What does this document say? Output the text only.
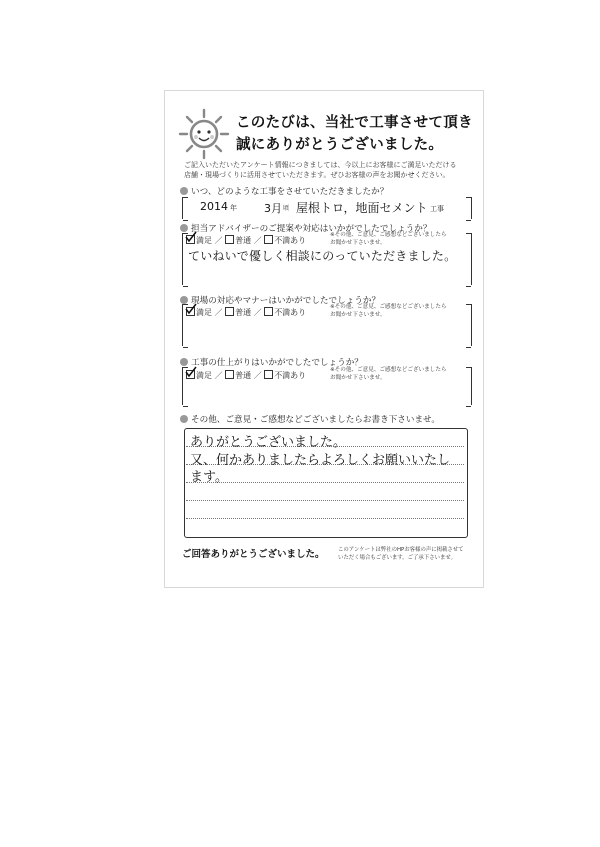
このたびは、当社で工事させて頂き
誠にありがとうございました。
ご記入いただいたアンケート情報につきましては、今以上にお客様にご満足いただける
店舗・現場づくりに活用させていただきます。ぜひお客様の声をお聞かせください。
いつ、どのような工事をさせていただきましたか？
2014 年 3月 頃 屋根トロ，地面セメント 工事
担当アドバイザーのご提案や対応はいかがでしたでしょうか？
満足 ／ 普通 ／ 不満あり
※その他、ご意見、ご感想などございましたら
お聞かせ下さいませ。
ていねいで優しく相談にのっていただきました。
現場の対応やマナーはいかがでしたでしょうか？
満足 ／ 普通 ／ 不満あり
※その他、ご意見、ご感想などございましたら
お聞かせ下さいませ。
工事の仕上がりはいかがでしたでしょうか？
満足 ／ 普通 ／ 不満あり
※その他、ご意見、ご感想などございましたら
お聞かせ下さいませ。
その他、ご意見・ご感想などございましたらお書き下さいませ。
ありがとうございました。
又、何かありましたらよろしくお願いいたし
ます。
ご回答ありがとうございました。 このアンケートは弊社のHPお客様の声に掲載させて
いただく場合もございます。ご了承下さいませ。
